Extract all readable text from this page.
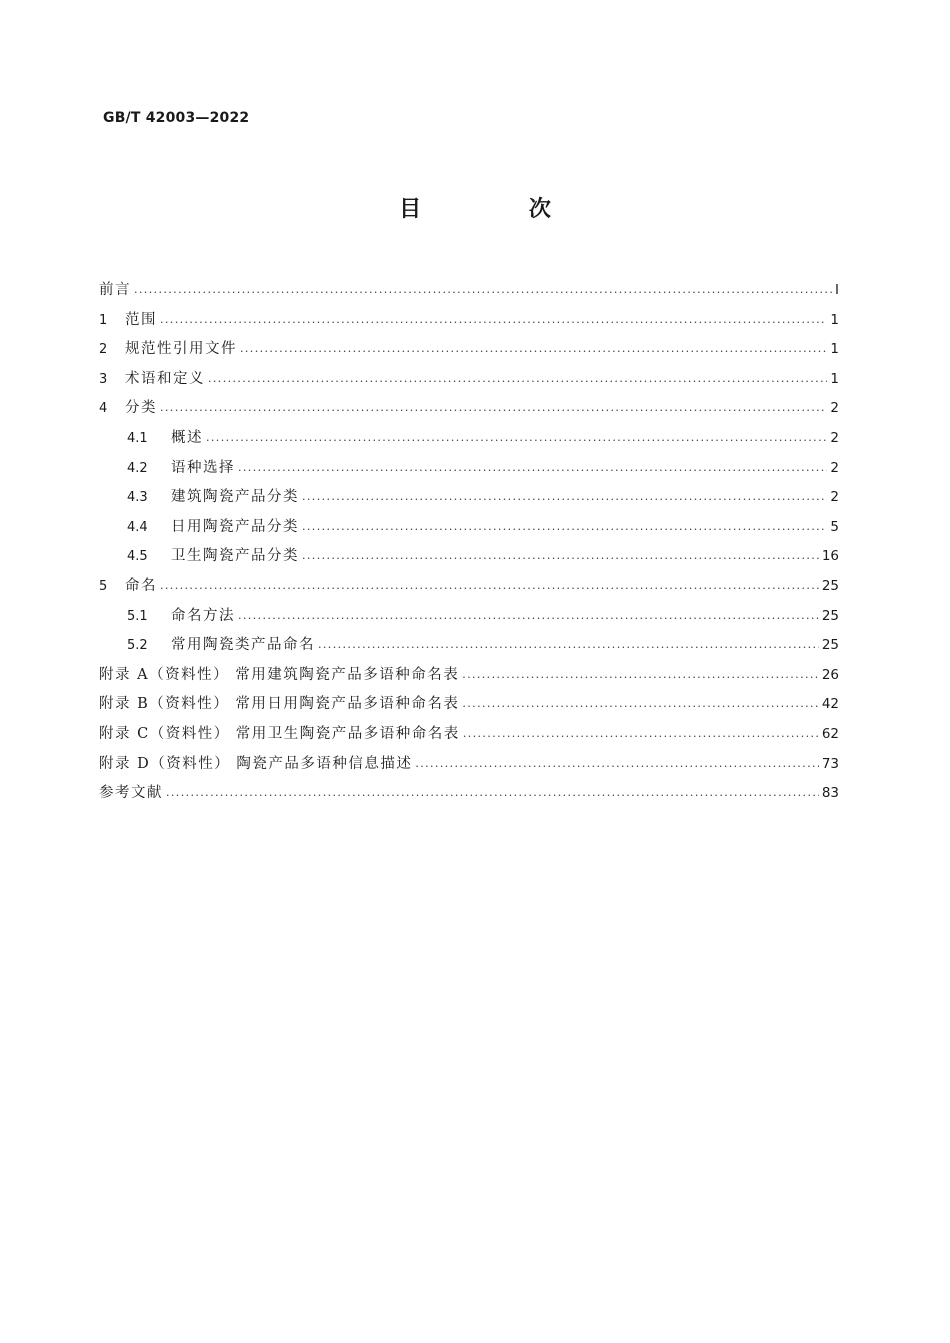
GB/T 42003—2022
目 次
前言 .....	I
1 范围 .....	1
2 规范性引用文件 .....	1
3 术语和定义 .....	1
4 分类 .....	2
4.1 概述 .....	2
4.2 语种选择 .....	2
4.3 建筑陶瓷产品分类 .....	2
4.4 日用陶瓷产品分类 .....	5
4.5 卫生陶瓷产品分类 .....	16
5 命名 .....	25
5.1 命名方法 .....	25
5.2 常用陶瓷类产品命名 .....	25
附录 A（资料性） 常用建筑陶瓷产品多语种命名表 .....	26
附录 B（资料性） 常用日用陶瓷产品多语种命名表 .....	42
附录 C（资料性） 常用卫生陶瓷产品多语种命名表 .....	62
附录 D（资料性） 陶瓷产品多语种信息描述 .....	73
参考文献 .....	83
